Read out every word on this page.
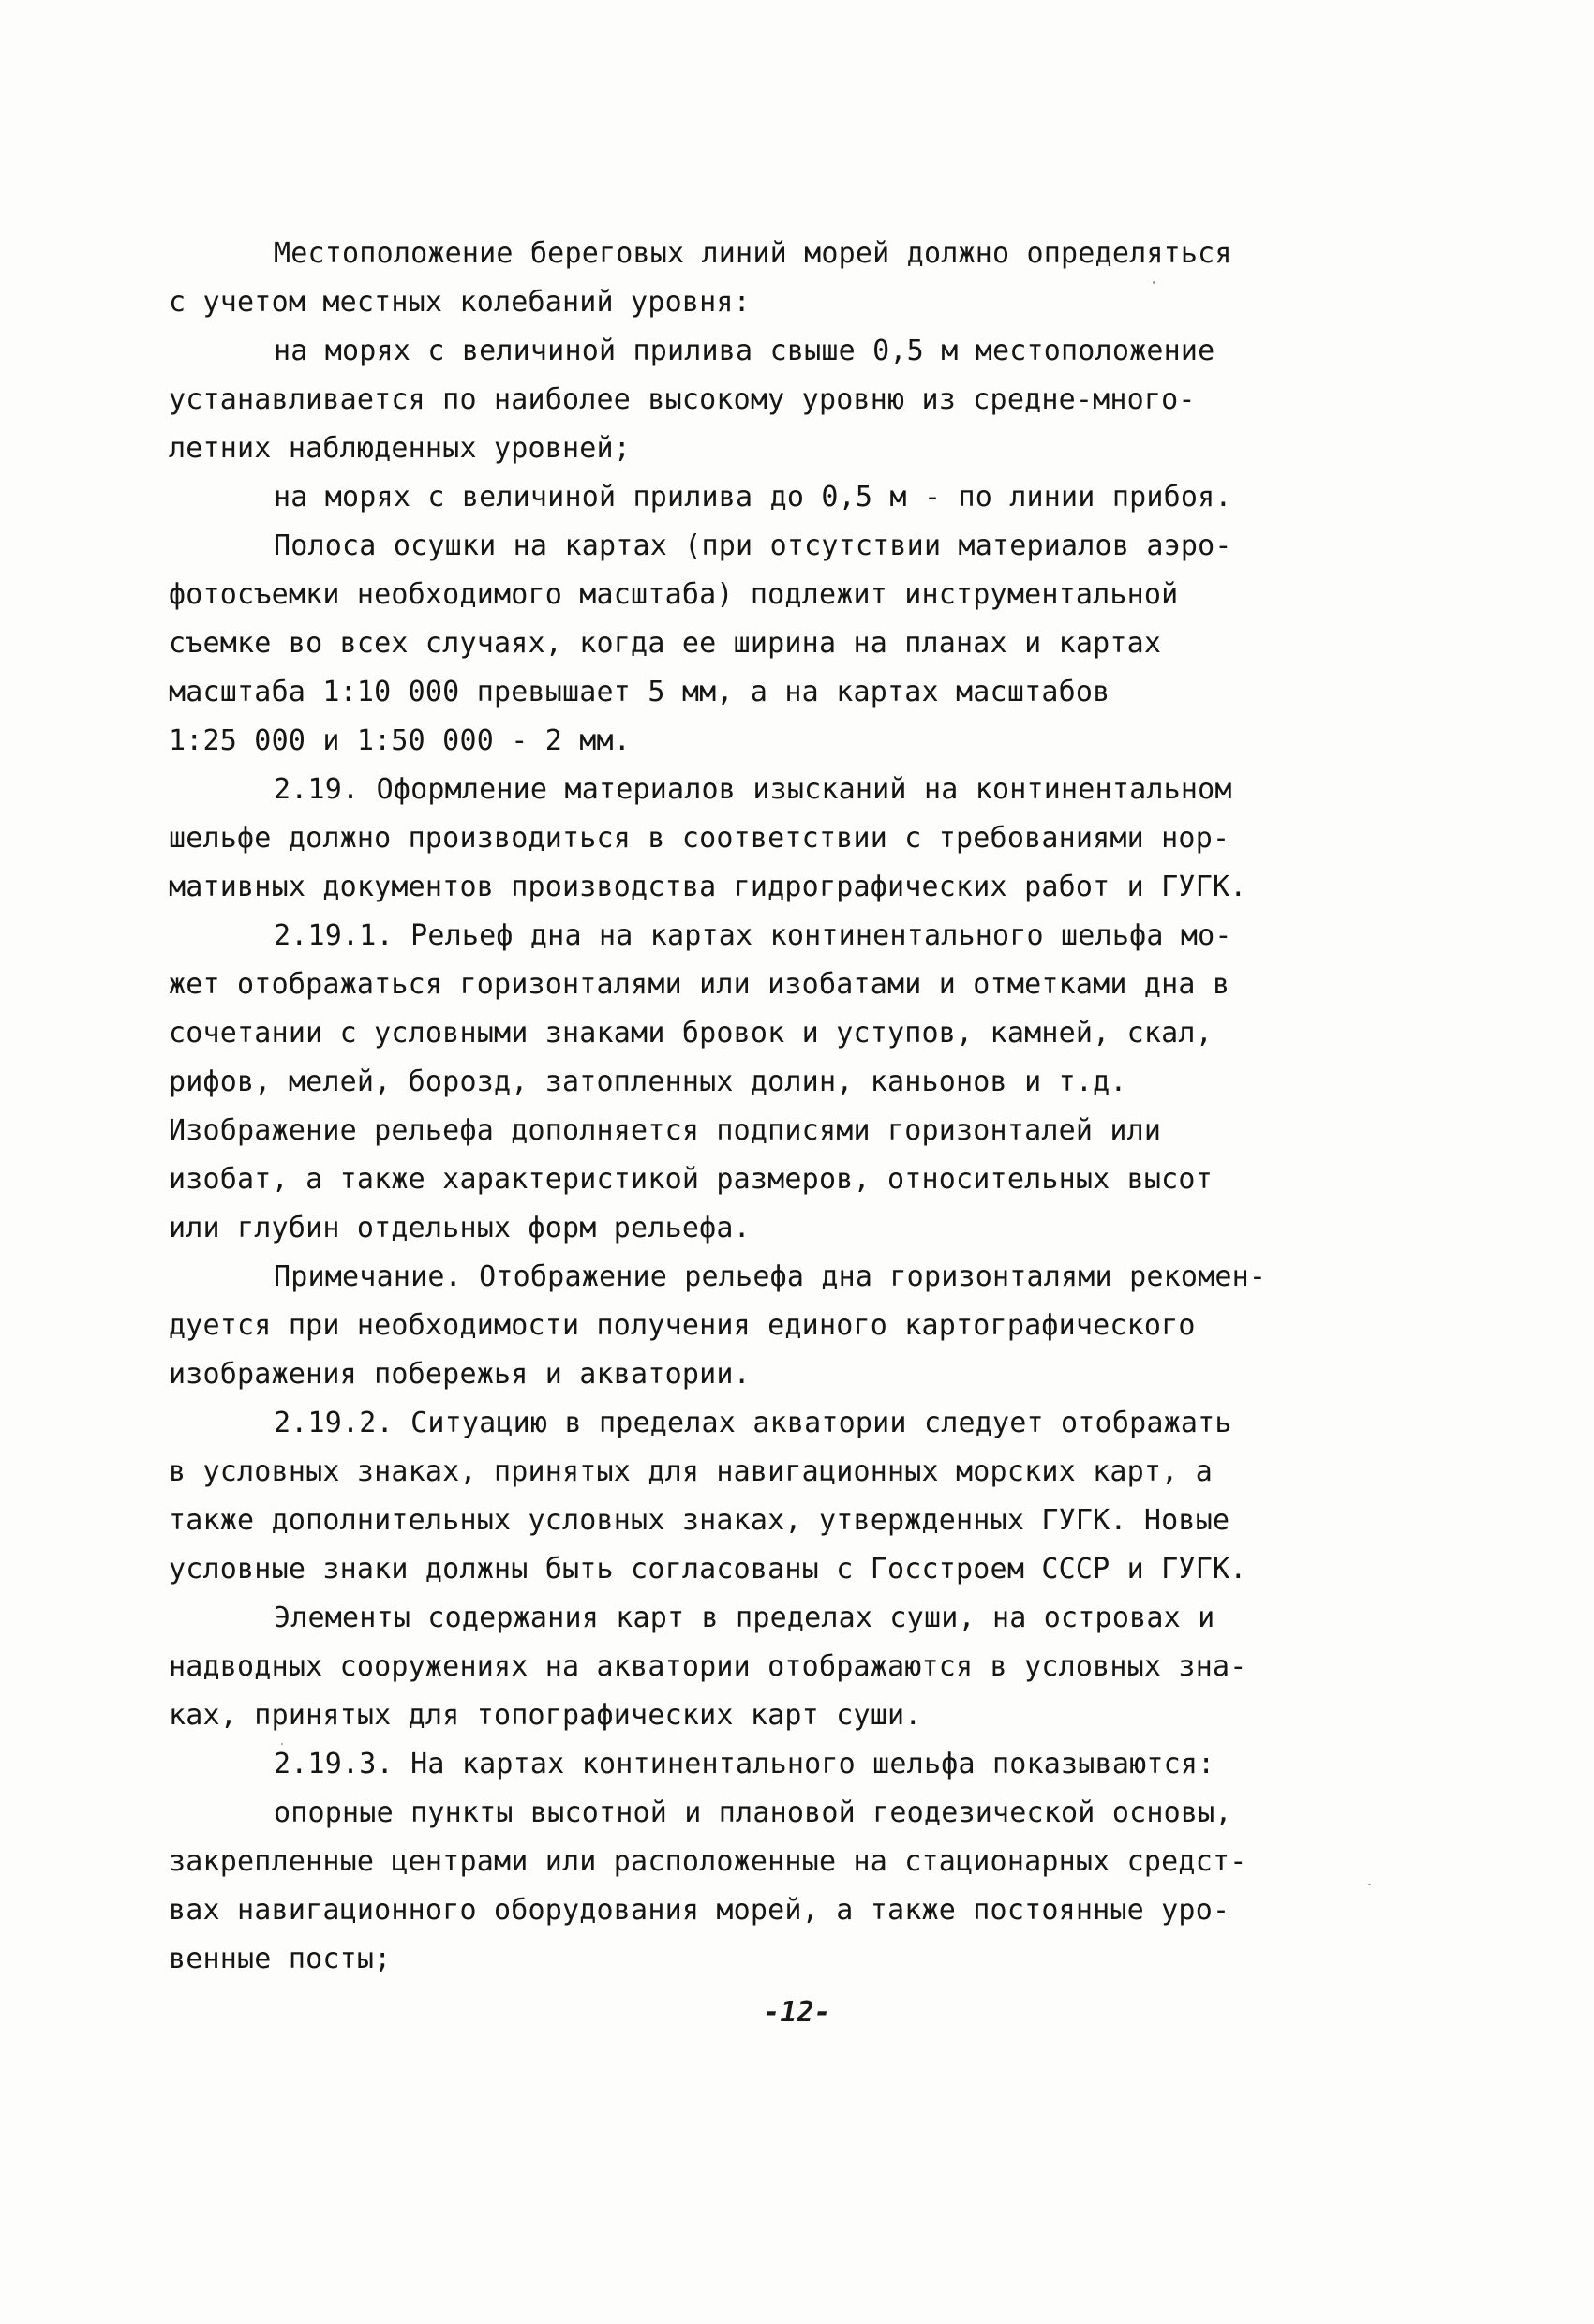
Местоположение береговых линий морей должно определяться
с учетом местных колебаний уровня:
на морях с величиной прилива свыше 0,5 м местоположение
устанавливается по наиболее высокому уровню из средне-много-
летних наблюденных уровней;
на морях с величиной прилива до 0,5 м - по линии прибоя.
Полоса осушки на картах (при отсутствии материалов аэро-
фотосъемки необходимого масштаба) подлежит инструментальной
съемке во всех случаях, когда ее ширина на планах и картах
масштаба 1:10 000 превышает 5 мм, а на картах масштабов
1:25 000 и 1:50 000 - 2 мм.
2.19. Оформление материалов изысканий на континентальном
шельфе должно производиться в соответствии с требованиями нор-
мативных документов производства гидрографических работ и ГУГК.
2.19.1. Рельеф дна на картах континентального шельфа мо-
жет отображаться горизонталями или изобатами и отметками дна в
сочетании с условными знаками бровок и уступов, камней, скал,
рифов, мелей, борозд, затопленных долин, каньонов и т.д.
Изображение рельефа дополняется подписями горизонталей или
изобат, а также характеристикой размеров, относительных высот
или глубин отдельных форм рельефа.
Примечание. Отображение рельефа дна горизонталями рекомен-
дуется при необходимости получения единого картографического
изображения побережья и акватории.
2.19.2. Ситуацию в пределах акватории следует отображать
в условных знаках, принятых для навигационных морских карт, а
также дополнительных условных знаках, утвержденных ГУГК. Новые
условные знаки должны быть согласованы с Госстроем СССР и ГУГК.
Элементы содержания карт в пределах суши, на островах и
надводных сооружениях на акватории отображаются в условных зна-
ках, принятых для топографических карт суши.
2.19.3. На картах континентального шельфа показываются:
опорные пункты высотной и плановой геодезической основы,
закрепленные центрами или расположенные на стационарных средст-
вах навигационного оборудования морей, а также постоянные уро-
венные посты;
-12-
